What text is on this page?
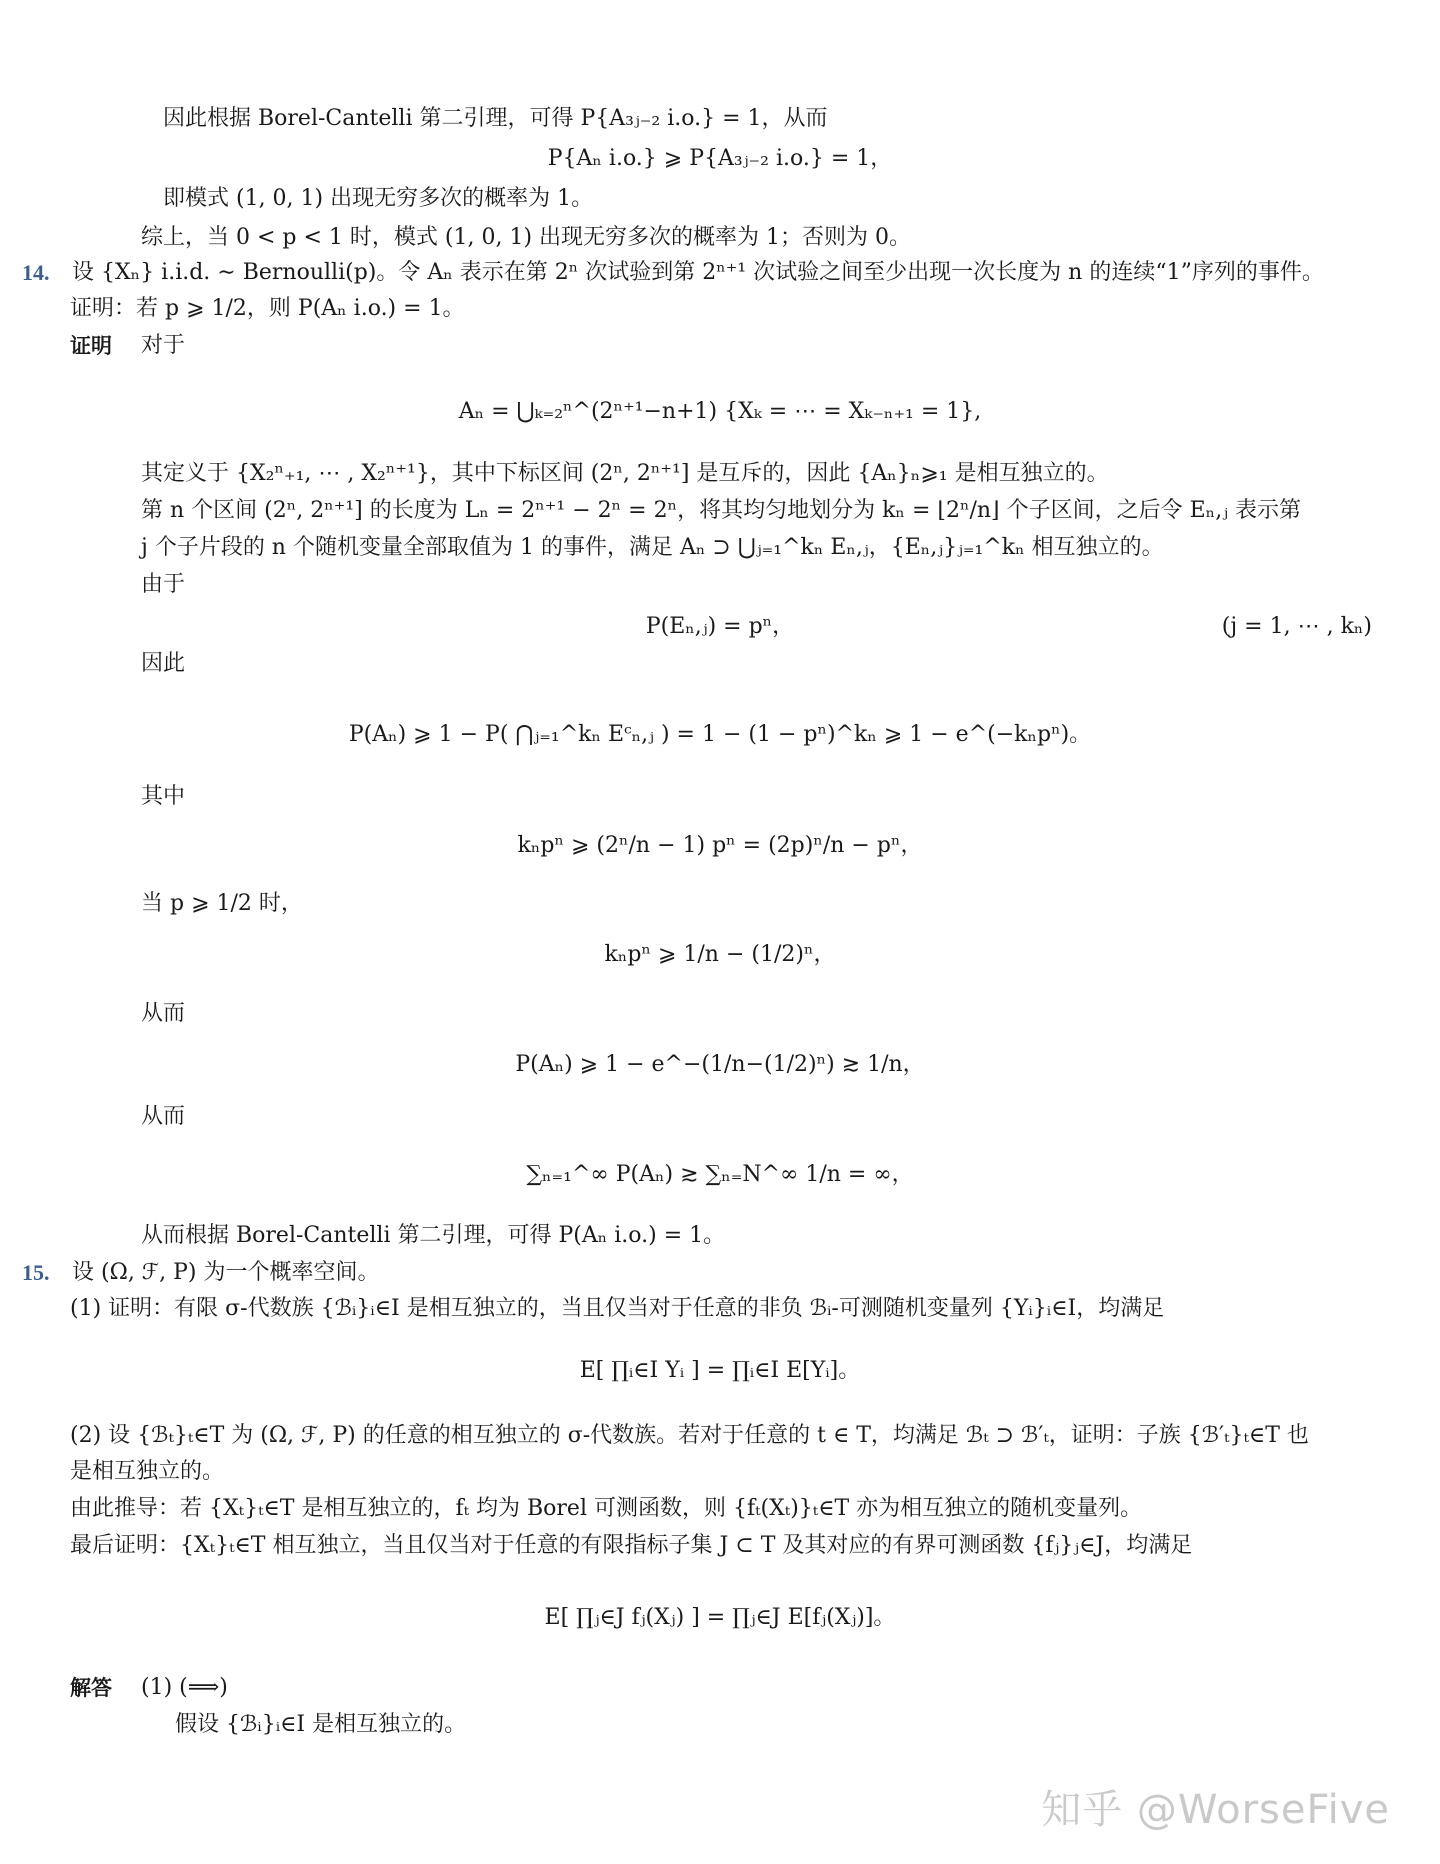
因此根据 Borel-Cantelli 第二引理，可得 P{A₃ⱼ₋₂ i.o.} = 1，从而
P{Aₙ i.o.} ⩾ P{A₃ⱼ₋₂ i.o.} = 1，
即模式 (1, 0, 1) 出现无穷多次的概率为 1。
综上，当 0 < p < 1 时，模式 (1, 0, 1) 出现无穷多次的概率为 1；否则为 0。
14. 设 {Xₙ} i.i.d. ∼ Bernoulli(p)。令 Aₙ 表示在第 2ⁿ 次试验到第 2ⁿ⁺¹ 次试验之间至少出现一次长度为 n 的连续“1”序列的事件。
证明：若 p ⩾ 1/2，则 P(Aₙ i.o.) = 1。
证明 对于
Aₙ = ⋃ₖ₌₂ⁿ^(2ⁿ⁺¹−n+1) {Xₖ = ⋯ = Xₖ₋ₙ₊₁ = 1},
其定义于 {X₂ⁿ₊₁, ⋯ , X₂ⁿ⁺¹}，其中下标区间 (2ⁿ, 2ⁿ⁺¹] 是互斥的，因此 {Aₙ}ₙ⩾₁ 是相互独立的。
第 n 个区间 (2ⁿ, 2ⁿ⁺¹] 的长度为 Lₙ = 2ⁿ⁺¹ − 2ⁿ = 2ⁿ，将其均匀地划分为 kₙ = ⌊2ⁿ/n⌋ 个子区间，之后令 Eₙ,ⱼ 表示第
j 个子片段的 n 个随机变量全部取值为 1 的事件，满足 Aₙ ⊃ ⋃ⱼ₌₁^kₙ Eₙ,ⱼ，{Eₙ,ⱼ}ⱼ₌₁^kₙ 相互独立的。
由于
P(Eₙ,ⱼ) = pⁿ，	(j = 1, ⋯ , kₙ)
因此
P(Aₙ) ⩾ 1 − P( ⋂ⱼ₌₁^kₙ Eᶜₙ,ⱼ ) = 1 − (1 − pⁿ)^kₙ ⩾ 1 − e^(−kₙpⁿ)。
其中
kₙpⁿ ⩾ (2ⁿ/n − 1) pⁿ = (2p)ⁿ/n − pⁿ，
当 p ⩾ 1/2 时，
kₙpⁿ ⩾ 1/n − (1/2)ⁿ，
从而
P(Aₙ) ⩾ 1 − e^−(1/n−(1/2)ⁿ) ≳ 1/n，
从而
∑ₙ₌₁^∞ P(Aₙ) ≳ ∑ₙ₌N^∞ 1/n = ∞，
从而根据 Borel-Cantelli 第二引理，可得 P(Aₙ i.o.) = 1。
15. 设 (Ω, ℱ, P) 为一个概率空间。
(1) 证明：有限 σ-代数族 {ℬᵢ}ᵢ∈I 是相互独立的，当且仅当对于任意的非负 ℬᵢ-可测随机变量列 {Yᵢ}ᵢ∈I，均满足
E[ ∏ᵢ∈I Yᵢ ] = ∏ᵢ∈I E[Yᵢ]。
(2) 设 {ℬₜ}ₜ∈T 为 (Ω, ℱ, P) 的任意的相互独立的 σ-代数族。若对于任意的 t ∈ T，均满足 ℬₜ ⊃ ℬ′ₜ，证明：子族 {ℬ′ₜ}ₜ∈T 也
是相互独立的。
由此推导：若 {Xₜ}ₜ∈T 是相互独立的，fₜ 均为 Borel 可测函数，则 {fₜ(Xₜ)}ₜ∈T 亦为相互独立的随机变量列。
最后证明：{Xₜ}ₜ∈T 相互独立，当且仅当对于任意的有限指标子集 J ⊂ T 及其对应的有界可测函数 {fⱼ}ⱼ∈J，均满足
E[ ∏ⱼ∈J fⱼ(Xⱼ) ] = ∏ⱼ∈J E[fⱼ(Xⱼ)]。
解答 (1) (⟹)
假设 {ℬᵢ}ᵢ∈I 是相互独立的。
知乎 @WorseFive
